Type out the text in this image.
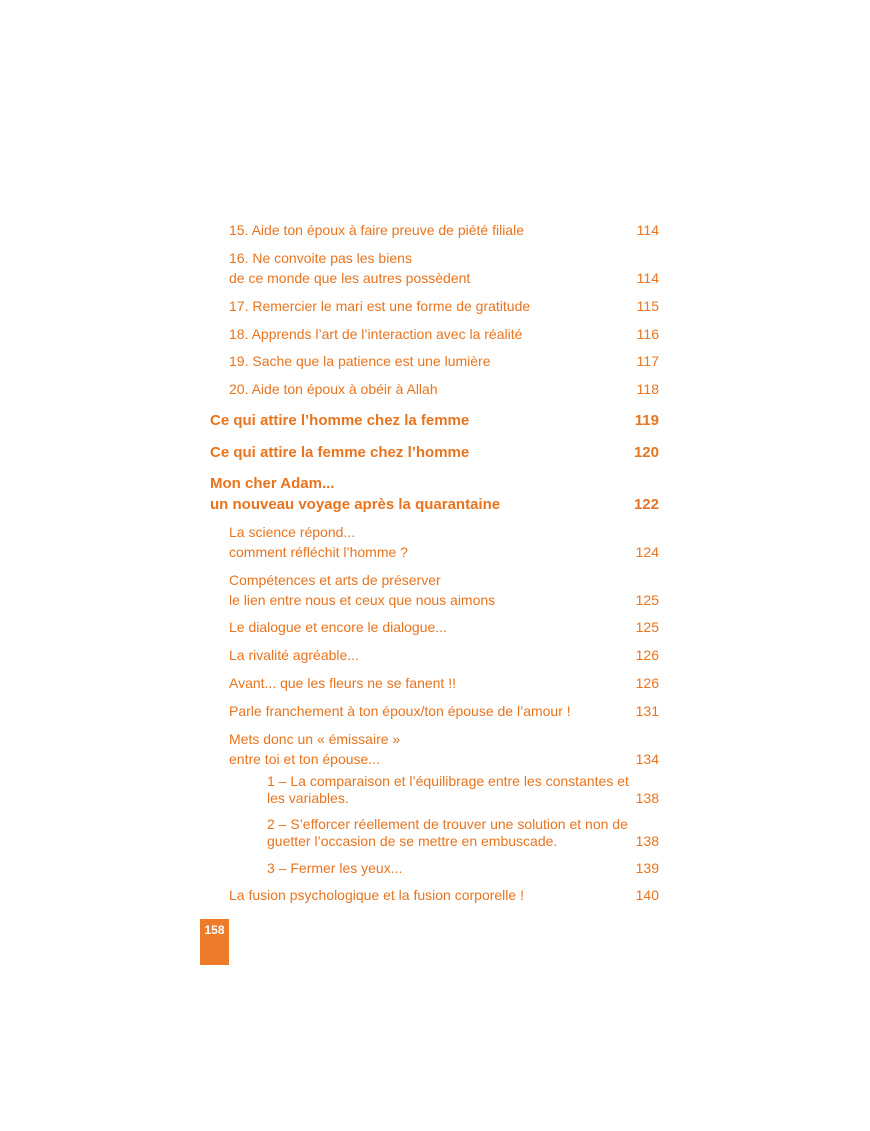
15. Aide ton époux à faire preuve de piété filiale	114
16. Ne convoite pas les biens
de ce monde que les autres possèdent	114
17. Remercier le mari est une forme de gratitude	115
18. Apprends l’art de l’interaction avec la réalité	116
19. Sache que la patience est une lumière	117
20. Aide ton époux à obéir à Allah	118
Ce qui attire l’homme chez la femme	119
Ce qui attire la femme chez l’homme	120
Mon cher Adam...
un nouveau voyage après la quarantaine	122
La science répond...
comment réfléchit l’homme ?	124
Compétences et arts de préserver
le lien entre nous et ceux que nous aimons	125
Le dialogue et encore le dialogue...	125
La rivalité agréable...	126
Avant... que les fleurs ne se fanent !!	126
Parle franchement à ton époux/ton épouse de l’amour !	131
Mets donc un « émissaire »
entre toi et ton épouse...	134
1 – La comparaison et l’équilibrage entre les constantes et
les variables.	138
2 – S’efforcer réellement de trouver une solution et non de
guetter l’occasion de se mettre en embuscade.	138
3 – Fermer les yeux...	139
La fusion psychologique et la fusion corporelle !	140
158
